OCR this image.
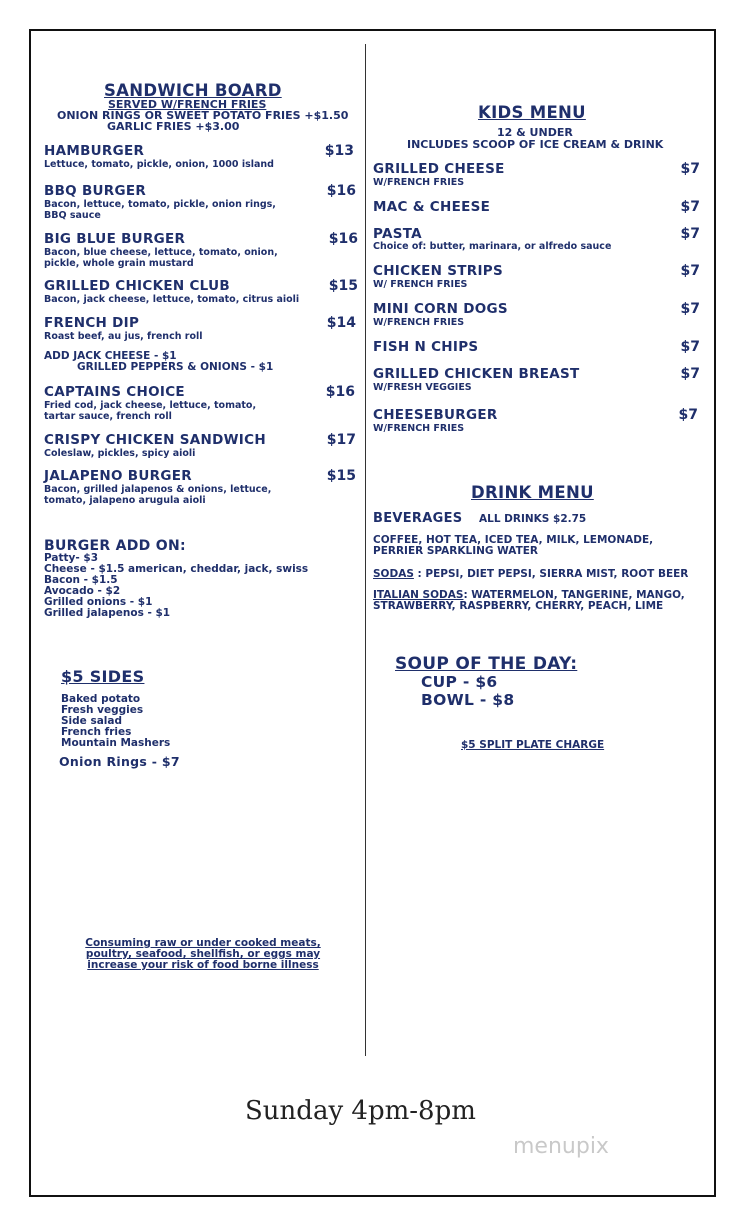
SANDWICH BOARD
SERVED W/FRENCH FRIES
ONION RINGS OR SWEET POTATO FRIES +$1.50
GARLIC FRIES +$3.00
HAMBURGER	$13
Lettuce, tomato, pickle, onion, 1000 island
BBQ BURGER	$16
Bacon, lettuce, tomato, pickle, onion rings,
BBQ sauce
BIG BLUE BURGER	$16
Bacon, blue cheese, lettuce, tomato, onion,
pickle, whole grain mustard
GRILLED CHICKEN CLUB	$15
Bacon, jack cheese, lettuce, tomato, citrus aioli
FRENCH DIP	$14
Roast beef, au jus, french roll
ADD JACK CHEESE - $1
GRILLED PEPPERS & ONIONS - $1
CAPTAINS CHOICE	$16
Fried cod, jack cheese, lettuce, tomato,
tartar sauce, french roll
CRISPY CHICKEN SANDWICH	$17
Coleslaw, pickles, spicy aioli
JALAPENO BURGER	$15
Bacon, grilled jalapenos & onions, lettuce,
tomato, jalapeno arugula aioli
BURGER ADD ON:
Patty- $3
Cheese - $1.5 american, cheddar, jack, swiss
Bacon - $1.5
Avocado - $2
Grilled onions - $1
Grilled jalapenos - $1
$5 SIDES
Baked potato
Fresh veggies
Side salad
French fries
Mountain Mashers
Onion Rings - $7
Consuming raw or under cooked meats,
poultry, seafood, shellfish, or eggs may
increase your risk of food borne illness
KIDS MENU
12 & UNDER
INCLUDES SCOOP OF ICE CREAM & DRINK
GRILLED CHEESE	$7
W/FRENCH FRIES
MAC & CHEESE	$7
PASTA	$7
Choice of: butter, marinara, or alfredo sauce
CHICKEN STRIPS	$7
W/ FRENCH FRIES
MINI CORN DOGS	$7
W/FRENCH FRIES
FISH N CHIPS	$7
GRILLED CHICKEN BREAST	$7
W/FRESH VEGGIES
CHEESEBURGER	$7
W/FRENCH FRIES
DRINK MENU
BEVERAGES ALL DRINKS $2.75
COFFEE, HOT TEA, ICED TEA, MILK, LEMONADE,
PERRIER SPARKLING WATER
SODAS : PEPSI, DIET PEPSI, SIERRA MIST, ROOT BEER
ITALIAN SODAS: WATERMELON, TANGERINE, MANGO,
STRAWBERRY, RASPBERRY, CHERRY, PEACH, LIME
SOUP OF THE DAY:
CUP - $6
BOWL - $8
$5 SPLIT PLATE CHARGE
Sunday 4pm-8pm
menupix
